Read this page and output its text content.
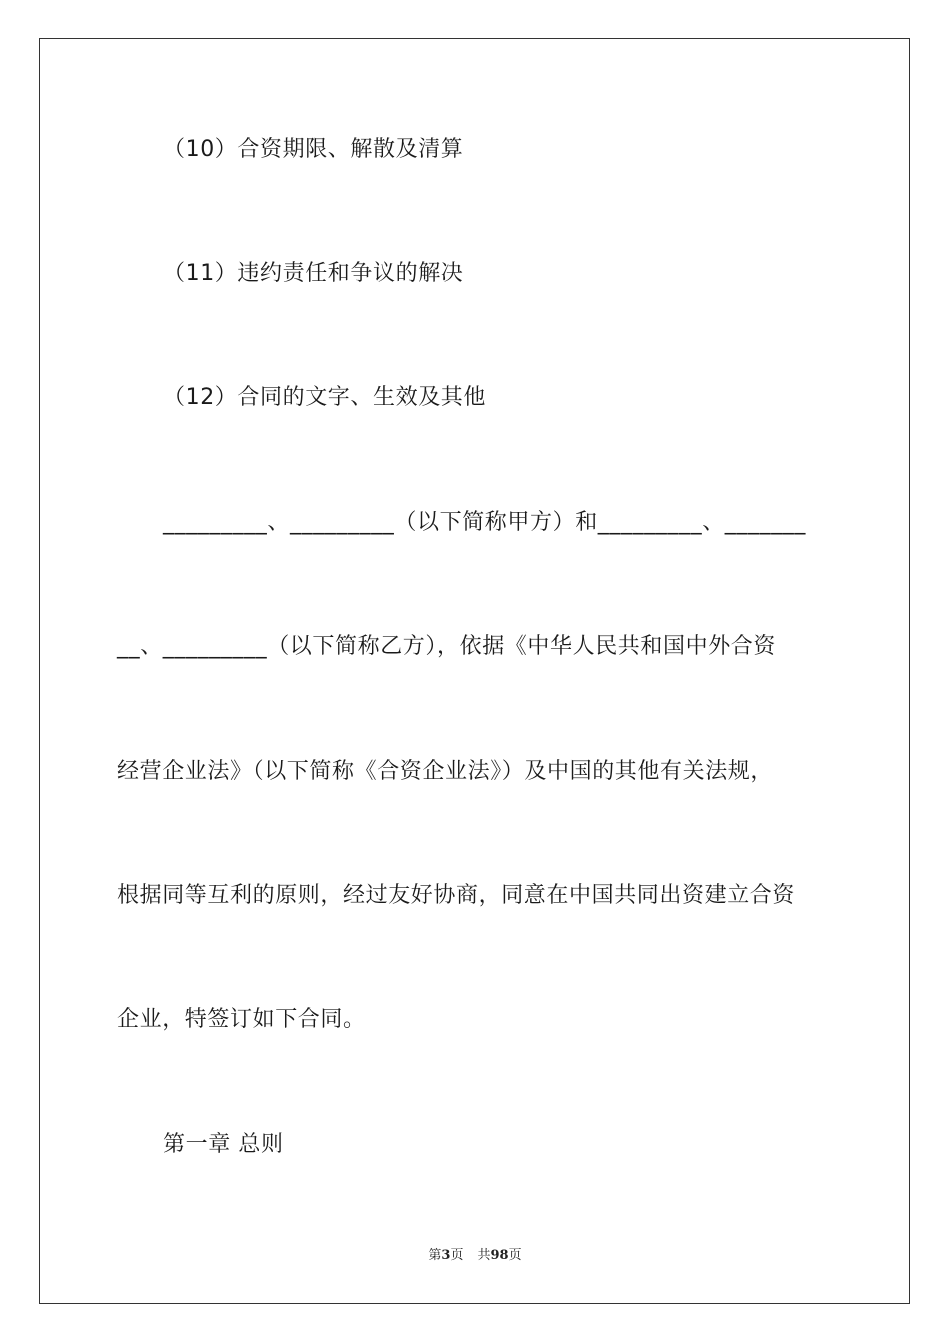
（10）合资期限、解散及清算
（11）违约责任和争议的解决
（12）合同的文字、生效及其他
_________、_________（以下简称甲方）和_________、_______
__、_________（以下简称乙方），依据《中华人民共和国中外合资
经营企业法》（以下简称《合资企业法》）及中国的其他有关法规，
根据同等互利的原则，经过友好协商，同意在中国共同出资建立合资
企业，特签订如下合同。
第一章 总则
第3页 共98页
